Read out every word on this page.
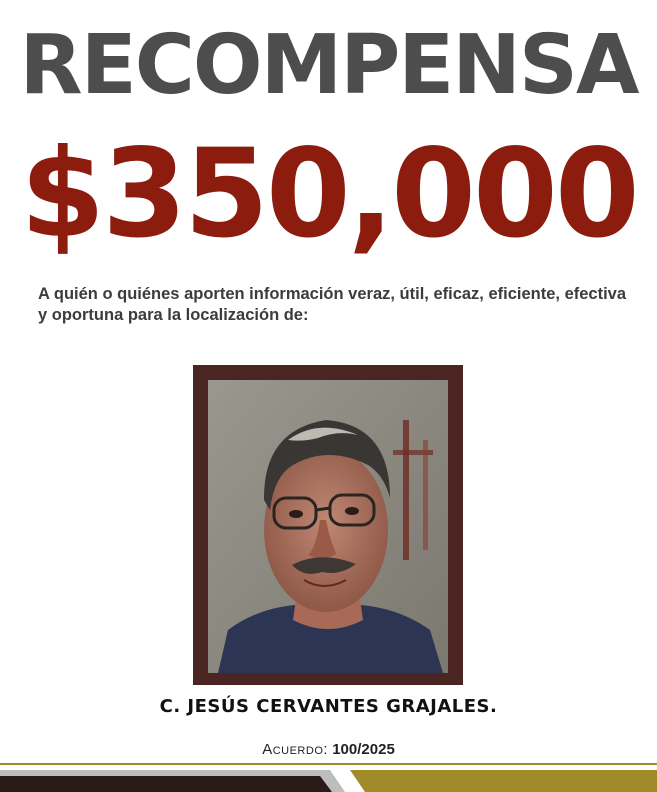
RECOMPENSA
$350,000

A quién o quiénes aporten información veraz, útil, eficaz, eficiente, efectiva y oportuna para la localización de:

C. JESÚS CERVANTES GRAJALES.
Acuerdo: 100/2025
